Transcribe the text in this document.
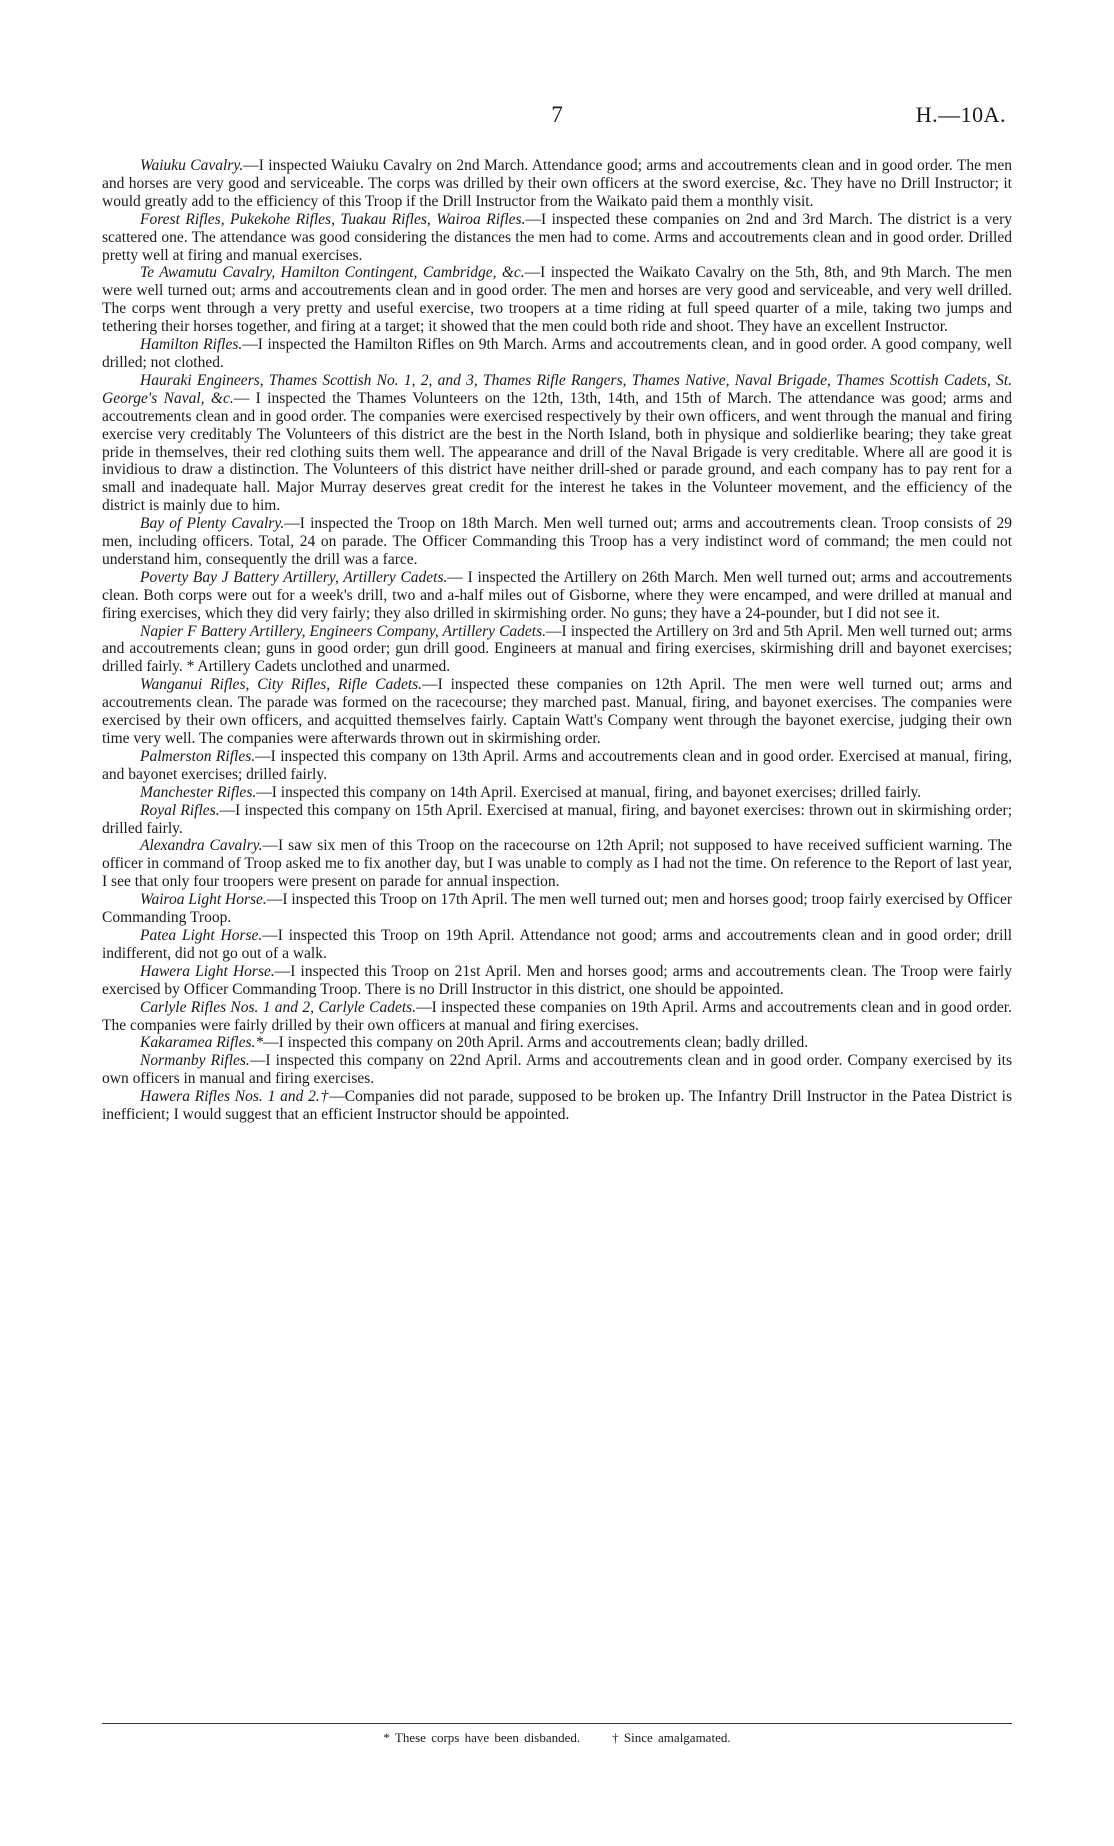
7	H.—10A.

Waiuku Cavalry.—I inspected Waiuku Cavalry on 2nd March. Attendance good; arms and accoutrements clean and in good order. The men and horses are very good and serviceable. The corps was drilled by their own officers at the sword exercise, &c. They have no Drill Instructor; it would greatly add to the efficiency of this Troop if the Drill Instructor from the Waikato paid them a monthly visit.

Forest Rifles, Pukekohe Rifles, Tuakau Rifles, Wairoa Rifles.—I inspected these companies on 2nd and 3rd March. The district is a very scattered one. The attendance was good considering the distances the men had to come. Arms and accoutrements clean and in good order. Drilled pretty well at firing and manual exercises.

Te Awamutu Cavalry, Hamilton Contingent, Cambridge, &c.—I inspected the Waikato Cavalry on the 5th, 8th, and 9th March. The men were well turned out; arms and accoutrements clean and in good order. The men and horses are very good and serviceable, and very well drilled. The corps went through a very pretty and useful exercise, two troopers at a time riding at full speed quarter of a mile, taking two jumps and tethering their horses together, and firing at a target; it showed that the men could both ride and shoot. They have an excellent Instructor.

Hamilton Rifles.—I inspected the Hamilton Rifles on 9th March. Arms and accoutrements clean, and in good order. A good company, well drilled; not clothed.

Hauraki Engineers, Thames Scottish No. 1, 2, and 3, Thames Rifle Rangers, Thames Native, Naval Brigade, Thames Scottish Cadets, St. George's Naval, &c.— I inspected the Thames Volunteers on the 12th, 13th, 14th, and 15th of March. The attendance was good; arms and accoutrements clean and in good order. The companies were exercised respectively by their own officers, and went through the manual and firing exercise very creditably The Volunteers of this district are the best in the North Island, both in physique and soldierlike bearing; they take great pride in themselves, their red clothing suits them well. The appearance and drill of the Naval Brigade is very creditable. Where all are good it is invidious to draw a distinction. The Volunteers of this district have neither drill-shed or parade ground, and each company has to pay rent for a small and inadequate hall. Major Murray deserves great credit for the interest he takes in the Volunteer movement, and the efficiency of the district is mainly due to him.

Bay of Plenty Cavalry.—I inspected the Troop on 18th March. Men well turned out; arms and accoutrements clean. Troop consists of 29 men, including officers. Total, 24 on parade. The Officer Commanding this Troop has a very indistinct word of command; the men could not understand him, consequently the drill was a farce.

Poverty Bay J Battery Artillery, Artillery Cadets.— I inspected the Artillery on 26th March. Men well turned out; arms and accoutrements clean. Both corps were out for a week's drill, two and a-half miles out of Gisborne, where they were encamped, and were drilled at manual and firing exercises, which they did very fairly; they also drilled in skirmishing order. No guns; they have a 24-pounder, but I did not see it.

Napier F Battery Artillery, Engineers Company, Artillery Cadets.—I inspected the Artillery on 3rd and 5th April. Men well turned out; arms and accoutrements clean; guns in good order; gun drill good. Engineers at manual and firing exercises, skirmishing drill and bayonet exercises; drilled fairly. * Artillery Cadets unclothed and unarmed.

Wanganui Rifles, City Rifles, Rifle Cadets.—I inspected these companies on 12th April. The men were well turned out; arms and accoutrements clean. The parade was formed on the racecourse; they marched past. Manual, firing, and bayonet exercises. The companies were exercised by their own officers, and acquitted themselves fairly. Captain Watt's Company went through the bayonet exercise, judging their own time very well. The companies were afterwards thrown out in skirmishing order.

Palmerston Rifles.—I inspected this company on 13th April. Arms and accoutrements clean and in good order. Exercised at manual, firing, and bayonet exercises; drilled fairly.

Manchester Rifles.—I inspected this company on 14th April. Exercised at manual, firing, and bayonet exercises; drilled fairly.

Royal Rifles.—I inspected this company on 15th April. Exercised at manual, firing, and bayonet exercises: thrown out in skirmishing order; drilled fairly.

Alexandra Cavalry.—I saw six men of this Troop on the racecourse on 12th April; not supposed to have received sufficient warning. The officer in command of Troop asked me to fix another day, but I was unable to comply as I had not the time. On reference to the Report of last year, I see that only four troopers were present on parade for annual inspection.

Wairoa Light Horse.—I inspected this Troop on 17th April. The men well turned out; men and horses good; troop fairly exercised by Officer Commanding Troop.

Patea Light Horse.—I inspected this Troop on 19th April. Attendance not good; arms and accoutrements clean and in good order; drill indifferent, did not go out of a walk.

Hawera Light Horse.—I inspected this Troop on 21st April. Men and horses good; arms and accoutrements clean. The Troop were fairly exercised by Officer Commanding Troop. There is no Drill Instructor in this district, one should be appointed.

Carlyle Rifles Nos. 1 and 2, Carlyle Cadets.—I inspected these companies on 19th April. Arms and accoutrements clean and in good order. The companies were fairly drilled by their own officers at manual and firing exercises.

Kakaramea Rifles.*—I inspected this company on 20th April. Arms and accoutrements clean; badly drilled.

Normanby Rifles.—I inspected this company on 22nd April. Arms and accoutrements clean and in good order. Company exercised by its own officers in manual and firing exercises.

Hawera Rifles Nos. 1 and 2.†—Companies did not parade, supposed to be broken up. The Infantry Drill Instructor in the Patea District is inefficient; I would suggest that an efficient Instructor should be appointed.

* These corps have been disbanded. † Since amalgamated.
